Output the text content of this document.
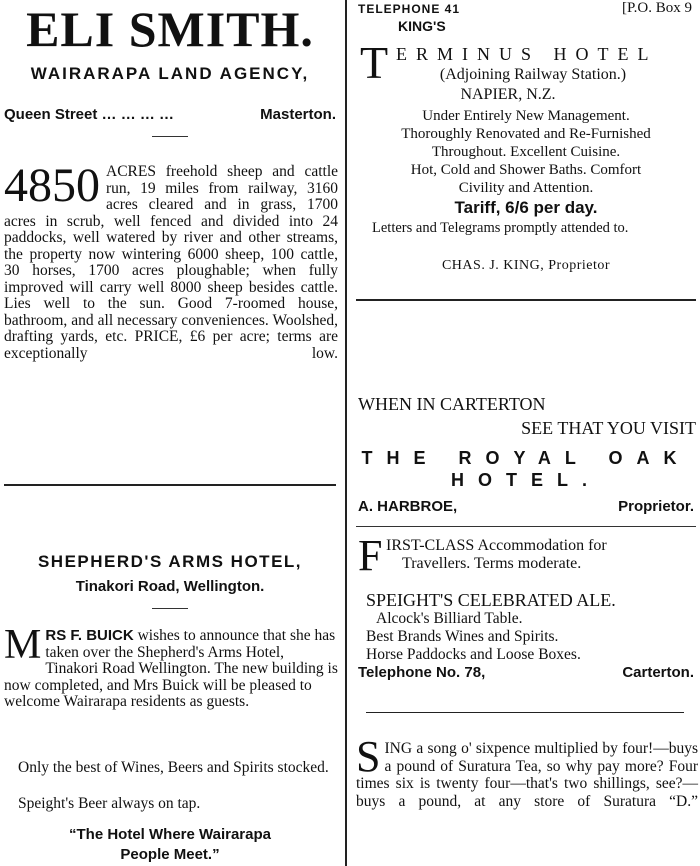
ELI SMITH.
WAIRARAPA LAND AGENCY,
Queen Street … … … …	Masterton.
4850 ACRES freehold sheep and cattle run, 19 miles from railway, 3160 acres cleared and in grass, 1700 acres in scrub, well fenced and divided into 24 paddocks, well watered by river and other streams, the property now wintering 6000 sheep, 100 cattle, 30 horses, 1700 acres ploughable; when fully improved will carry well 8000 sheep besides cattle. Lies well to the sun. Good 7-roomed house, bathroom, and all necessary conveniences. Woolshed, drafting yards, etc. PRICE, £6 per acre; terms are exceptionally low.
SHEPHERD'S ARMS HOTEL,
Tinakori Road, Wellington.
M RS F. BUICK wishes to announce that she has taken over the Shepherd's Arms Hotel, Tinakori Road Wellington. The new building is now completed, and Mrs Buick will be pleased to welcome Wairarapa residents as guests.
Only the best of Wines, Beers and Spirits stocked.
Speight's Beer always on tap.
“The Hotel Where Wairarapa
People Meet.”
TELEPHONE 41	[P.O. Box 9
KING'S
T ERMINUS HOTEL
(Adjoining Railway Station.)
NAPIER, N.Z.
Under Entirely New Management.
Thoroughly Renovated and Re-Furnished
Throughout. Excellent Cuisine.
Hot, Cold and Shower Baths. Comfort
Civility and Attention.
Tariff, 6/6 per day.
Letters and Telegrams promptly attended to.
CHAS. J. KING, Proprietor
WHEN IN CARTERTON
SEE THAT YOU VISIT
THE ROYAL OAK
HOTEL.
A. HARBROE,	Proprietor.
F IRST-CLASS Accommodation for
Travellers. Terms moderate.
SPEIGHT'S CELEBRATED ALE.
Alcock's Billiard Table.
Best Brands Wines and Spirits.
Horse Paddocks and Loose Boxes.
Telephone No. 78,	Carterton.
S ING a song o' sixpence multiplied by four!—buys a pound of Suratura Tea, so why pay more? Four times six is twenty four—that's two shillings, see?—buys a pound, at any store of Suratura “D.”
